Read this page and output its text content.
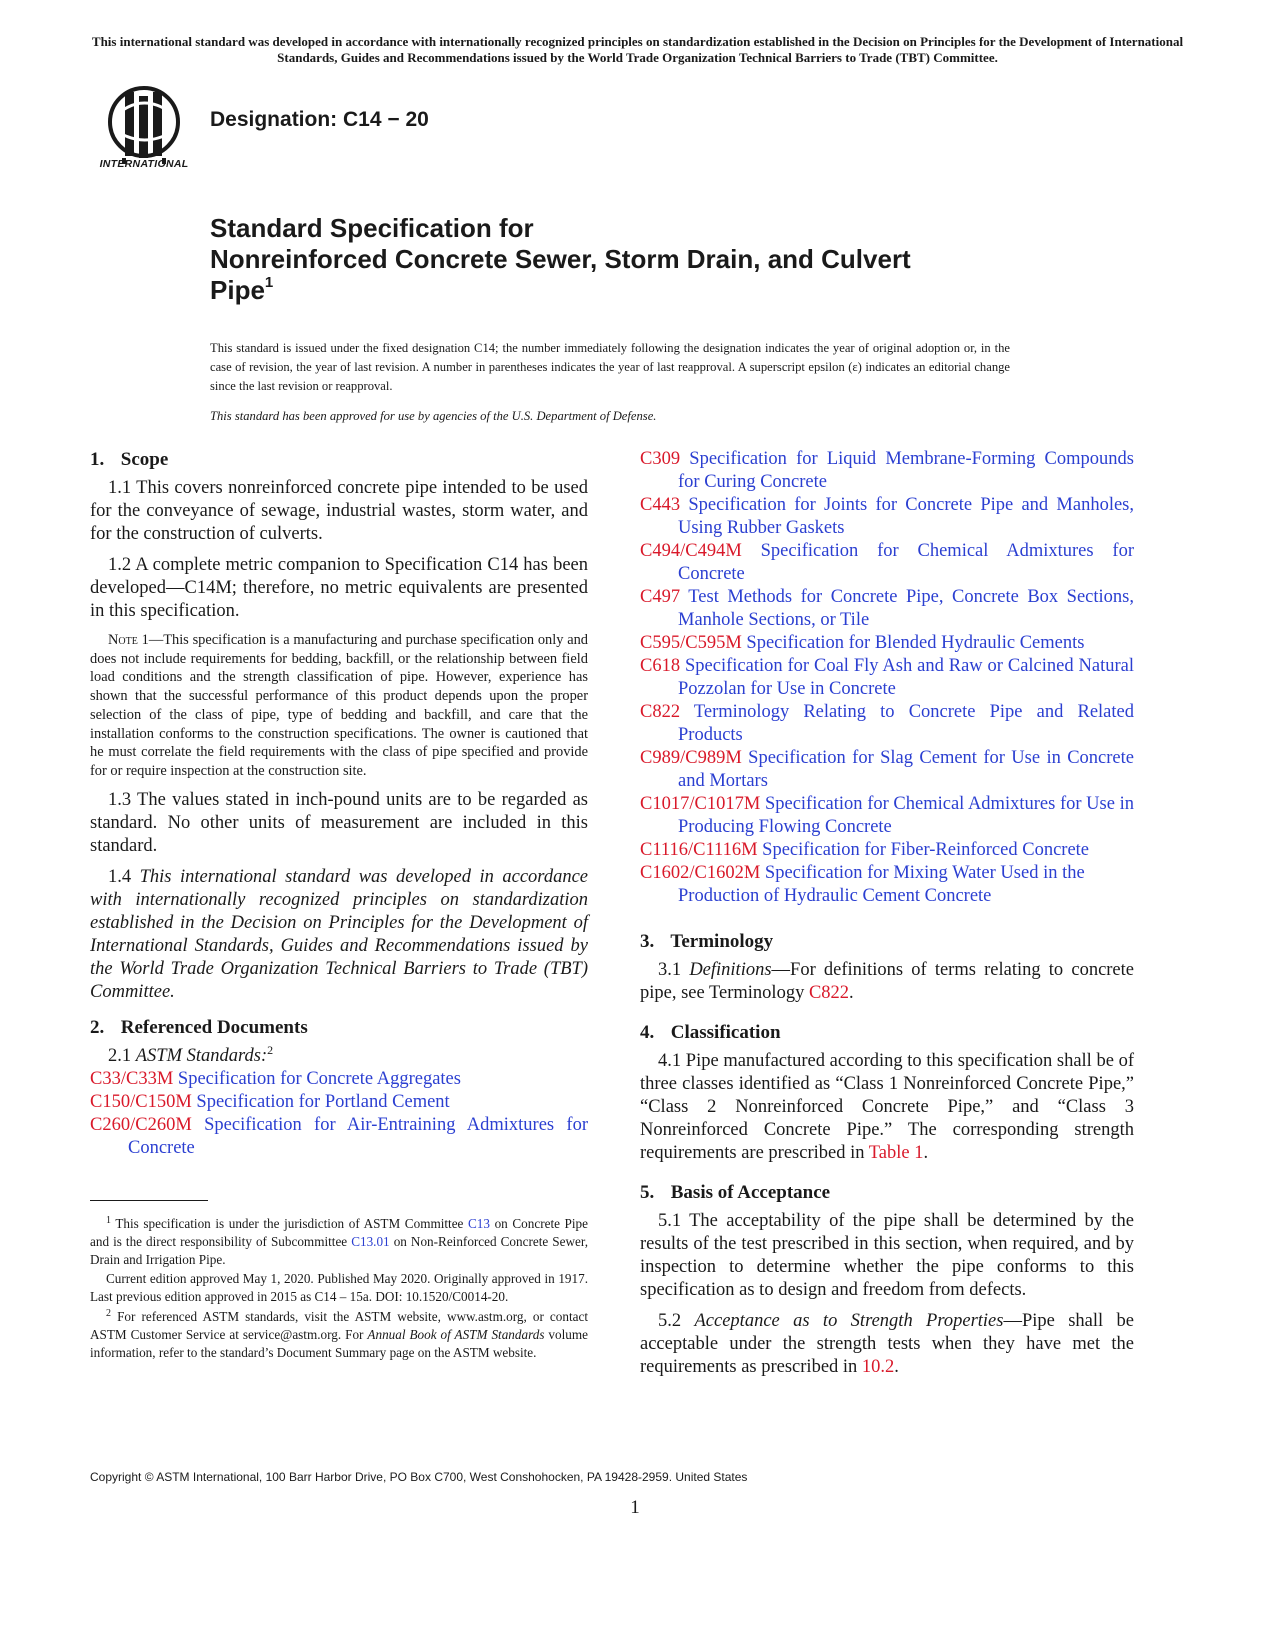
This international standard was developed in accordance with internationally recognized principles on standardization established in the Decision on Principles for the Development of International Standards, Guides and Recommendations issued by the World Trade Organization Technical Barriers to Trade (TBT) Committee.
INTERNATIONAL
Designation: C14 − 20
Standard Specification for
Nonreinforced Concrete Sewer, Storm Drain, and Culvert
Pipe$^1$
This standard is issued under the fixed designation C14; the number immediately following the designation indicates the year of original adoption or, in the case of revision, the year of last revision. A number in parentheses indicates the year of last reapproval. A superscript epsilon (ε) indicates an editorial change since the last revision or reapproval.
This standard has been approved for use by agencies of the U.S. Department of Defense.
1. Scope

1.1 This covers nonreinforced concrete pipe intended to be used for the conveyance of sewage, industrial wastes, storm water, and for the construction of culverts.

1.2 A complete metric companion to Specification C14 has been developed—C14M; therefore, no metric equivalents are presented in this specification.

Note 1—This specification is a manufacturing and purchase specification only and does not include requirements for bedding, backfill, or the relationship between field load conditions and the strength classification of pipe. However, experience has shown that the successful performance of this product depends upon the proper selection of the class of pipe, type of bedding and backfill, and care that the installation conforms to the construction specifications. The owner is cautioned that he must correlate the field requirements with the class of pipe specified and provide for or require inspection at the construction site.

1.3 The values stated in inch-pound units are to be regarded as standard. No other units of measurement are included in this standard.

1.4 This international standard was developed in accordance with internationally recognized principles on standardization established in the Decision on Principles for the Development of International Standards, Guides and Recommendations issued by the World Trade Organization Technical Barriers to Trade (TBT) Committee.

2. Referenced Documents

2.1 ASTM Standards:$^2$

C33/C33M Specification for Concrete Aggregates
C150/C150M Specification for Portland Cement
C260/C260M Specification for Air-Entraining Admixtures for Concrete

$^1$ This specification is under the jurisdiction of ASTM Committee C13 on Concrete Pipe and is the direct responsibility of Subcommittee C13.01 on Non-Reinforced Concrete Sewer, Drain and Irrigation Pipe.

Current edition approved May 1, 2020. Published May 2020. Originally approved in 1917. Last previous edition approved in 2015 as C14 – 15a. DOI: 10.1520/C0014-20.

$^2$ For referenced ASTM standards, visit the ASTM website, www.astm.org, or contact ASTM Customer Service at service@astm.org. For Annual Book of ASTM Standards volume information, refer to the standard’s Document Summary page on the ASTM website.

C309 Specification for Liquid Membrane-Forming Compounds for Curing Concrete
C443 Specification for Joints for Concrete Pipe and Manholes, Using Rubber Gaskets
C494/C494M Specification for Chemical Admixtures for Concrete
C497 Test Methods for Concrete Pipe, Concrete Box Sections, Manhole Sections, or Tile
C595/C595M Specification for Blended Hydraulic Cements
C618 Specification for Coal Fly Ash and Raw or Calcined Natural Pozzolan for Use in Concrete
C822 Terminology Relating to Concrete Pipe and Related Products
C989/C989M Specification for Slag Cement for Use in Concrete and Mortars
C1017/C1017M Specification for Chemical Admixtures for Use in Producing Flowing Concrete
C1116/C1116M Specification for Fiber-Reinforced Concrete
C1602/C1602M Specification for Mixing Water Used in the Production of Hydraulic Cement Concrete
3. Terminology

3.1 Definitions—For definitions of terms relating to concrete pipe, see Terminology C822.

4. Classification

4.1 Pipe manufactured according to this specification shall be of three classes identified as “Class 1 Nonreinforced Concrete Pipe,” “Class 2 Nonreinforced Concrete Pipe,” and “Class 3 Nonreinforced Concrete Pipe.” The corresponding strength requirements are prescribed in Table 1.

5. Basis of Acceptance

5.1 The acceptability of the pipe shall be determined by the results of the test prescribed in this section, when required, and by inspection to determine whether the pipe conforms to this specification as to design and freedom from defects.

5.2 Acceptance as to Strength Properties—Pipe shall be acceptable under the strength tests when they have met the requirements as prescribed in 10.2.

Copyright © ASTM International, 100 Barr Harbor Drive, PO Box C700, West Conshohocken, PA 19428-2959. United States
1
